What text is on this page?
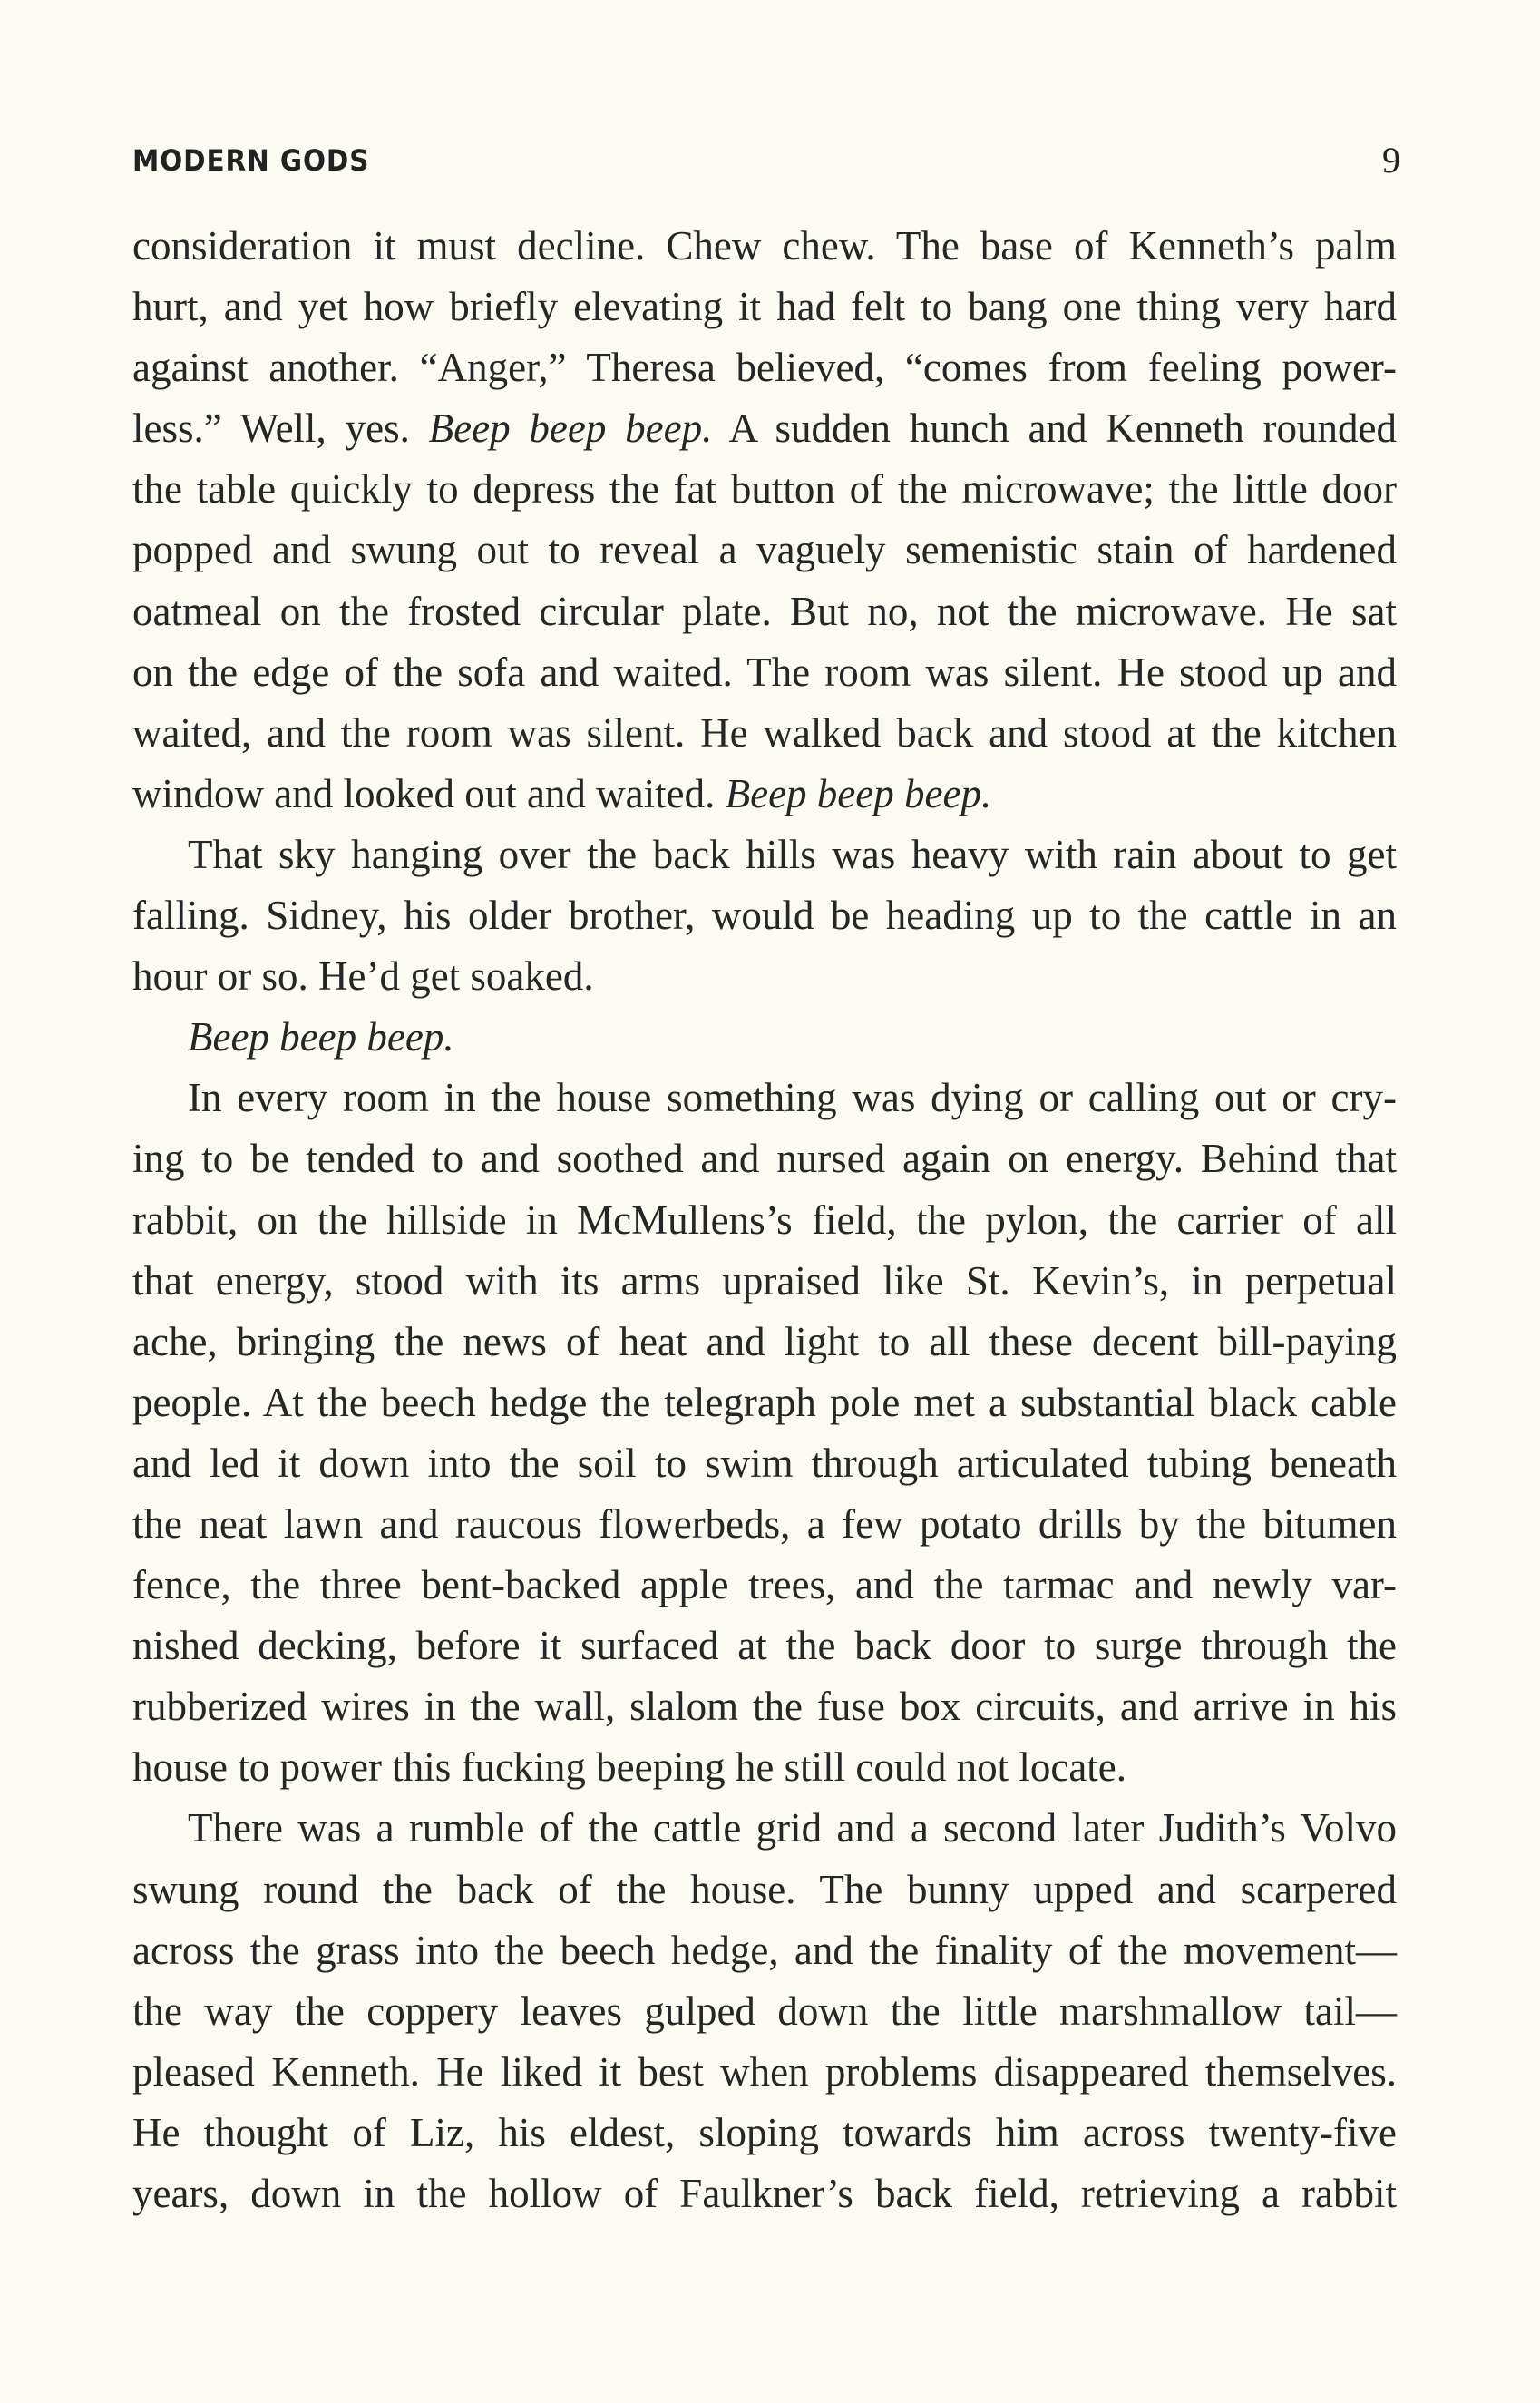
MODERN GODS	9
consideration it must decline. Chew chew. The base of Kenneth’s palm
hurt, and yet how briefly elevating it had felt to bang one thing very hard
against another. “Anger,” Theresa believed, “comes from feeling power-
less.” Well, yes. Beep beep beep. A sudden hunch and Kenneth rounded
the table quickly to depress the fat button of the microwave; the little door
popped and swung out to reveal a vaguely semenistic stain of hardened
oatmeal on the frosted circular plate. But no, not the microwave. He sat
on the edge of the sofa and waited. The room was silent. He stood up and
waited, and the room was silent. He walked back and stood at the kitchen
window and looked out and waited. Beep beep beep.
That sky hanging over the back hills was heavy with rain about to get
falling. Sidney, his older brother, would be heading up to the cattle in an
hour or so. He’d get soaked.
Beep beep beep.
In every room in the house something was dying or calling out or cry-
ing to be tended to and soothed and nursed again on energy. Behind that
rabbit, on the hillside in McMullens’s field, the pylon, the carrier of all
that energy, stood with its arms upraised like St. Kevin’s, in perpetual
ache, bringing the news of heat and light to all these decent bill-paying
people. At the beech hedge the telegraph pole met a substantial black cable
and led it down into the soil to swim through articulated tubing beneath
the neat lawn and raucous flowerbeds, a few potato drills by the bitumen
fence, the three bent-backed apple trees, and the tarmac and newly var-
nished decking, before it surfaced at the back door to surge through the
rubberized wires in the wall, slalom the fuse box circuits, and arrive in his
house to power this fucking beeping he still could not locate.
There was a rumble of the cattle grid and a second later Judith’s Volvo
swung round the back of the house. The bunny upped and scarpered
across the grass into the beech hedge, and the finality of the movement—
the way the coppery leaves gulped down the little marshmallow tail—
pleased Kenneth. He liked it best when problems disappeared themselves.
He thought of Liz, his eldest, sloping towards him across twenty-five
years, down in the hollow of Faulkner’s back field, retrieving a rabbit
